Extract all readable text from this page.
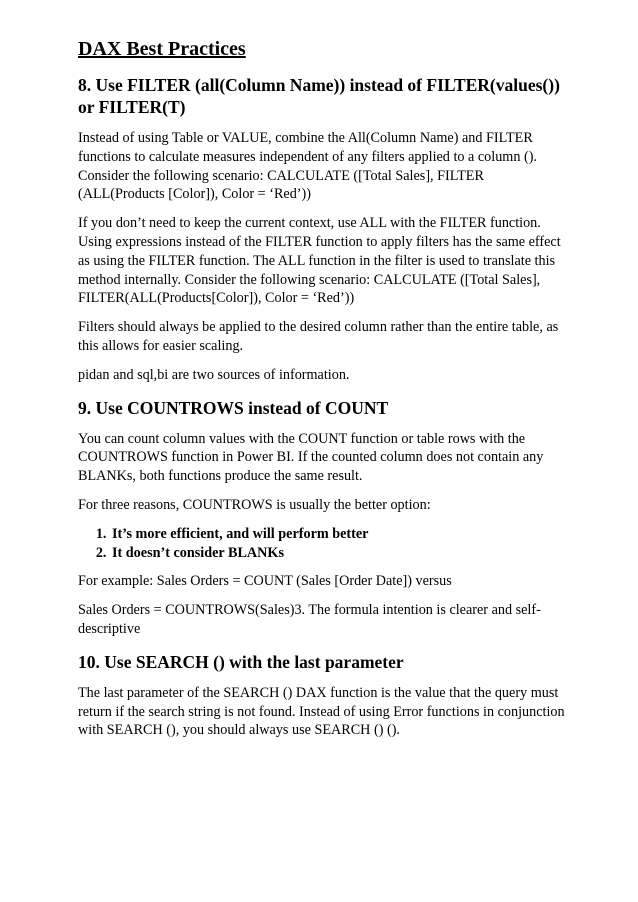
DAX Best Practices
8. Use FILTER (all(Column Name)) instead of FILTER(values()) or FILTER(T)

Instead of using Table or VALUE, combine the All(Column Name) and FILTER functions to calculate measures independent of any filters applied to a column (). Consider the following scenario: CALCULATE ([Total Sales], FILTER (ALL(Products [Color]), Color = ‘Red’))

If you don’t need to keep the current context, use ALL with the FILTER function. Using expressions instead of the FILTER function to apply filters has the same effect as using the FILTER function. The ALL function in the filter is used to translate this method internally. Consider the following scenario: CALCULATE ([Total Sales], FILTER(ALL(Products[Color]), Color = ‘Red’))

Filters should always be applied to the desired column rather than the entire table, as this allows for easier scaling.

pidan and sql,bi are two sources of information.

9. Use COUNTROWS instead of COUNT

You can count column values with the COUNT function or table rows with the COUNTROWS function in Power BI. If the counted column does not contain any BLANKs, both functions produce the same result.

For three reasons, COUNTROWS is usually the better option:

1. It’s more efficient, and will perform better
2. It doesn’t consider BLANKs

For example: Sales Orders = COUNT (Sales [Order Date]) versus

Sales Orders = COUNTROWS(Sales)3. The formula intention is clearer and self-descriptive

10. Use SEARCH () with the last parameter

The last parameter of the SEARCH () DAX function is the value that the query must return if the search string is not found. Instead of using Error functions in conjunction with SEARCH (), you should always use SEARCH () ().
